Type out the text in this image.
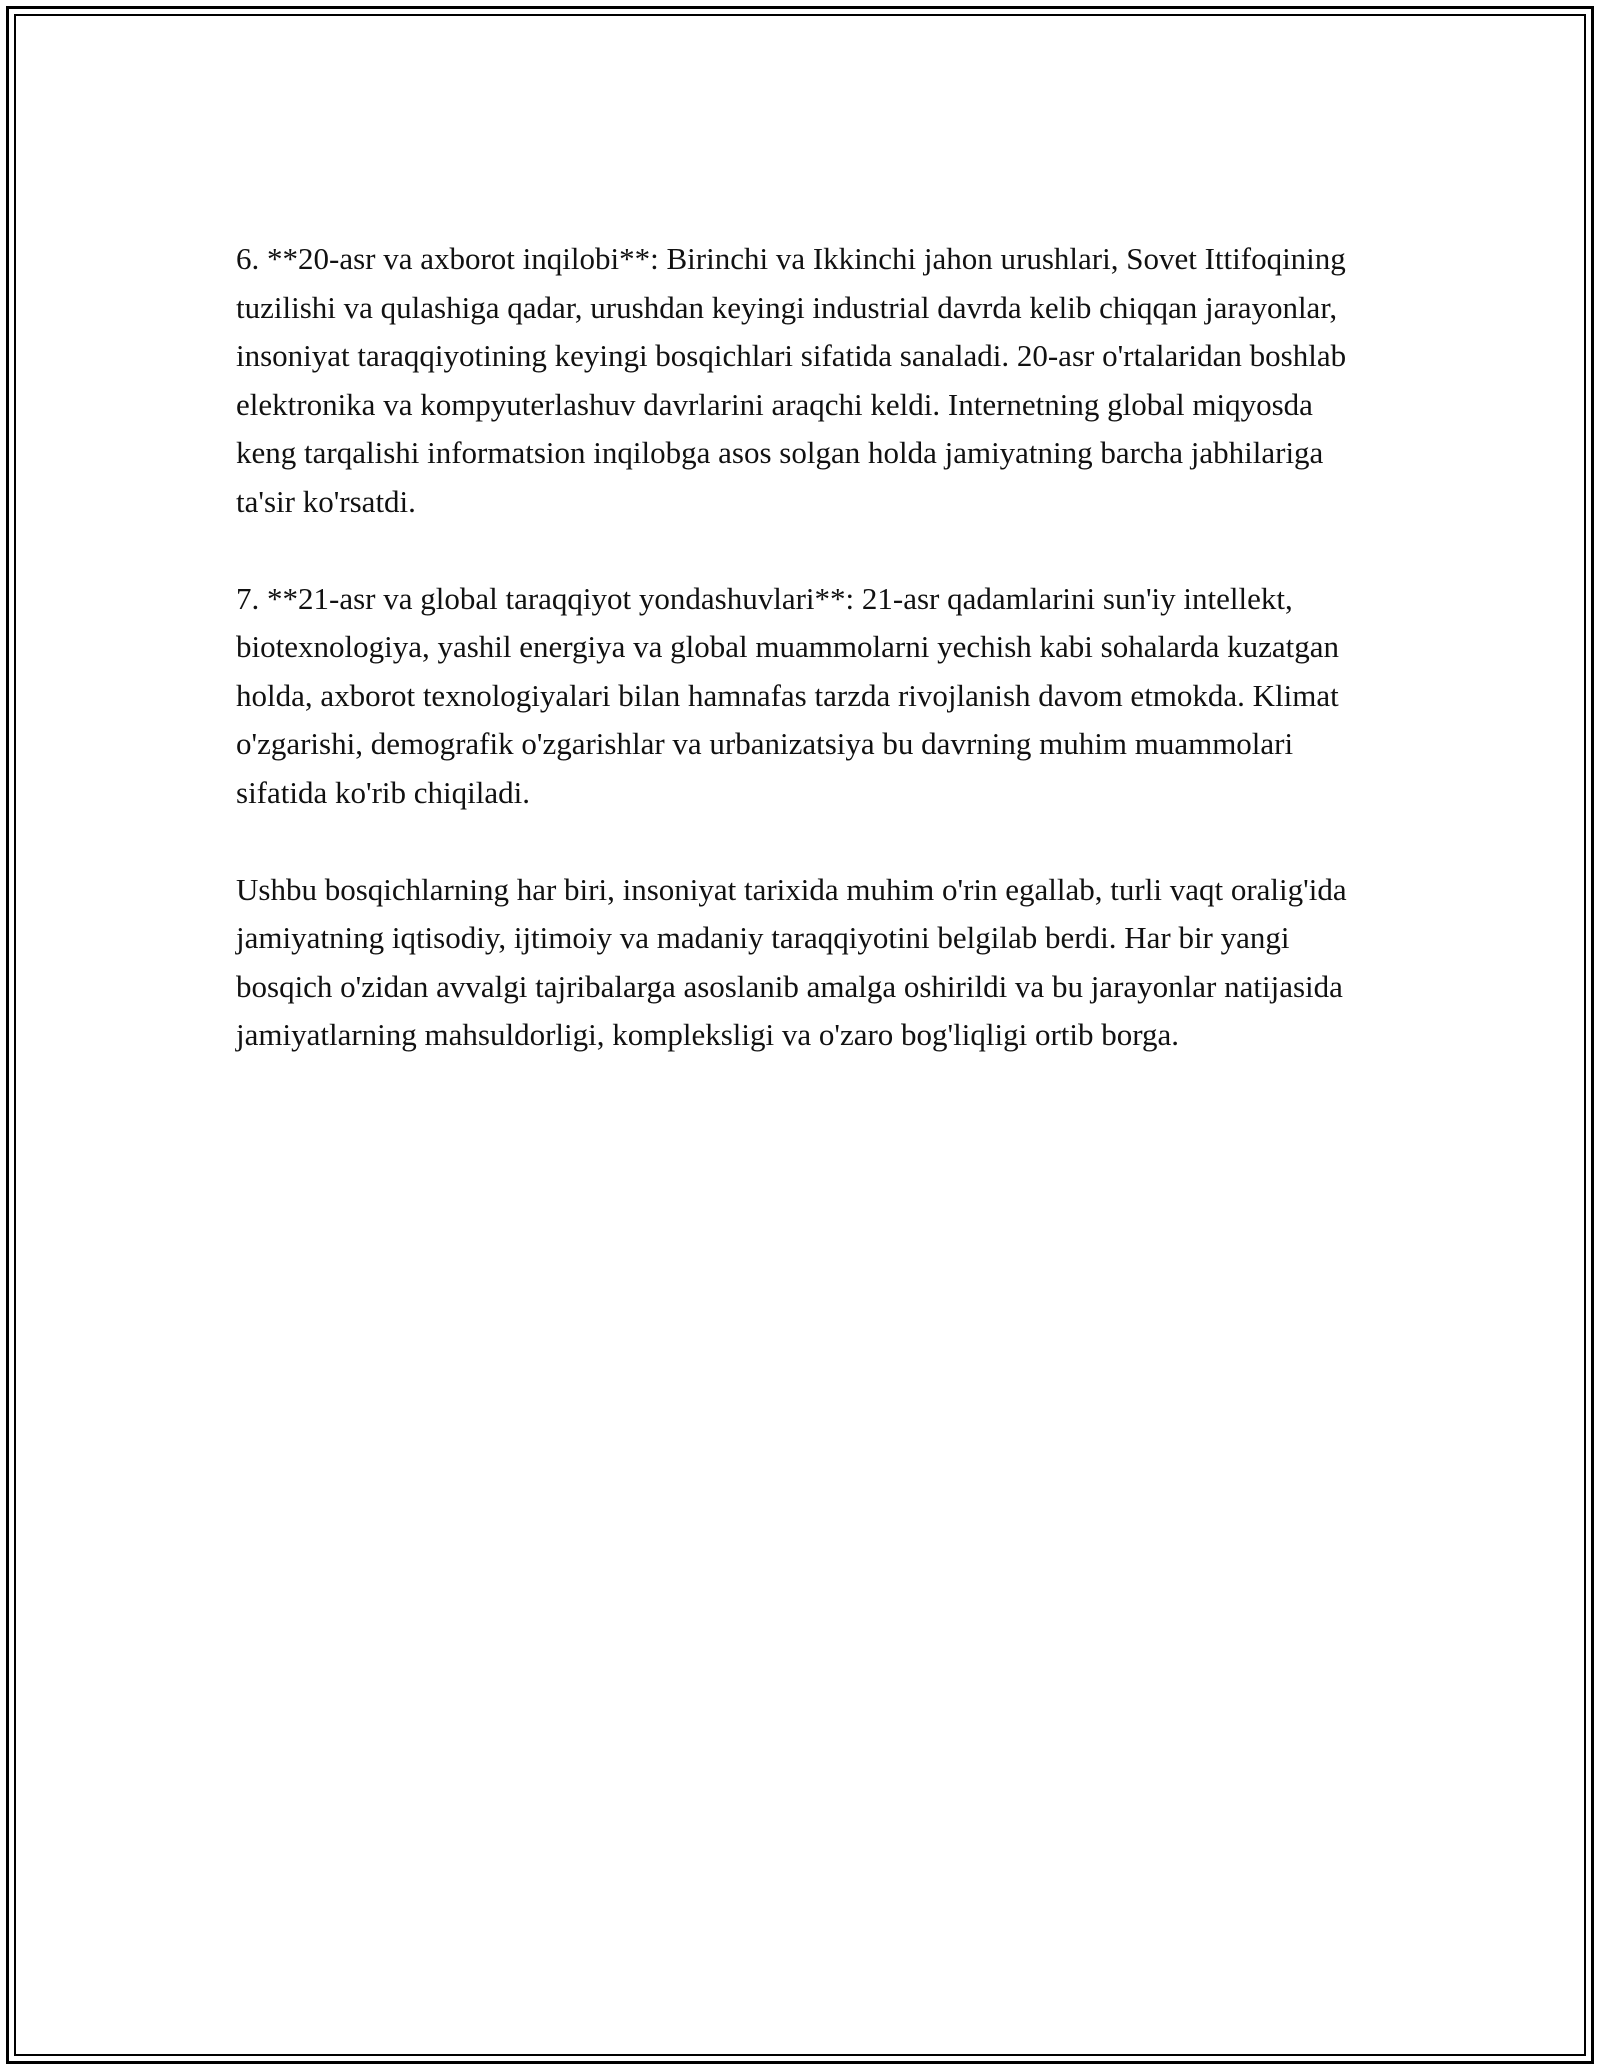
6. **20-asr va axborot inqilobi**: Birinchi va Ikkinchi jahon urushlari, Sovet Ittifoqining tuzilishi va qulashiga qadar, urushdan keyingi industrial davrda kelib chiqqan jarayonlar, insoniyat taraqqiyotining keyingi bosqichlari sifatida sanaladi. 20-asr o'rtalaridan boshlab elektronika va kompyuterlashuv davrlarini araqchi keldi. Internetning global miqyosda keng tarqalishi informatsion inqilobga asos solgan holda jamiyatning barcha jabhilariga ta'sir ko'rsatdi.

7. **21-asr va global taraqqiyot yondashuvlari**: 21-asr qadamlarini sun'iy intellekt, biotexnologiya, yashil energiya va global muammolarni yechish kabi sohalarda kuzatgan holda, axborot texnologiyalari bilan hamnafas tarzda rivojlanish davom etmokda. Klimat o'zgarishi, demografik o'zgarishlar va urbanizatsiya bu davrning muhim muammolari sifatida ko'rib chiqiladi.

Ushbu bosqichlarning har biri, insoniyat tarixida muhim o'rin egallab, turli vaqt oralig'ida jamiyatning iqtisodiy, ijtimoiy va madaniy taraqqiyotini belgilab berdi. Har bir yangi bosqich o'zidan avvalgi tajribalarga asoslanib amalga oshirildi va bu jarayonlar natijasida jamiyatlarning mahsuldorligi, kompleksligi va o'zaro bog'liqligi ortib borga.
